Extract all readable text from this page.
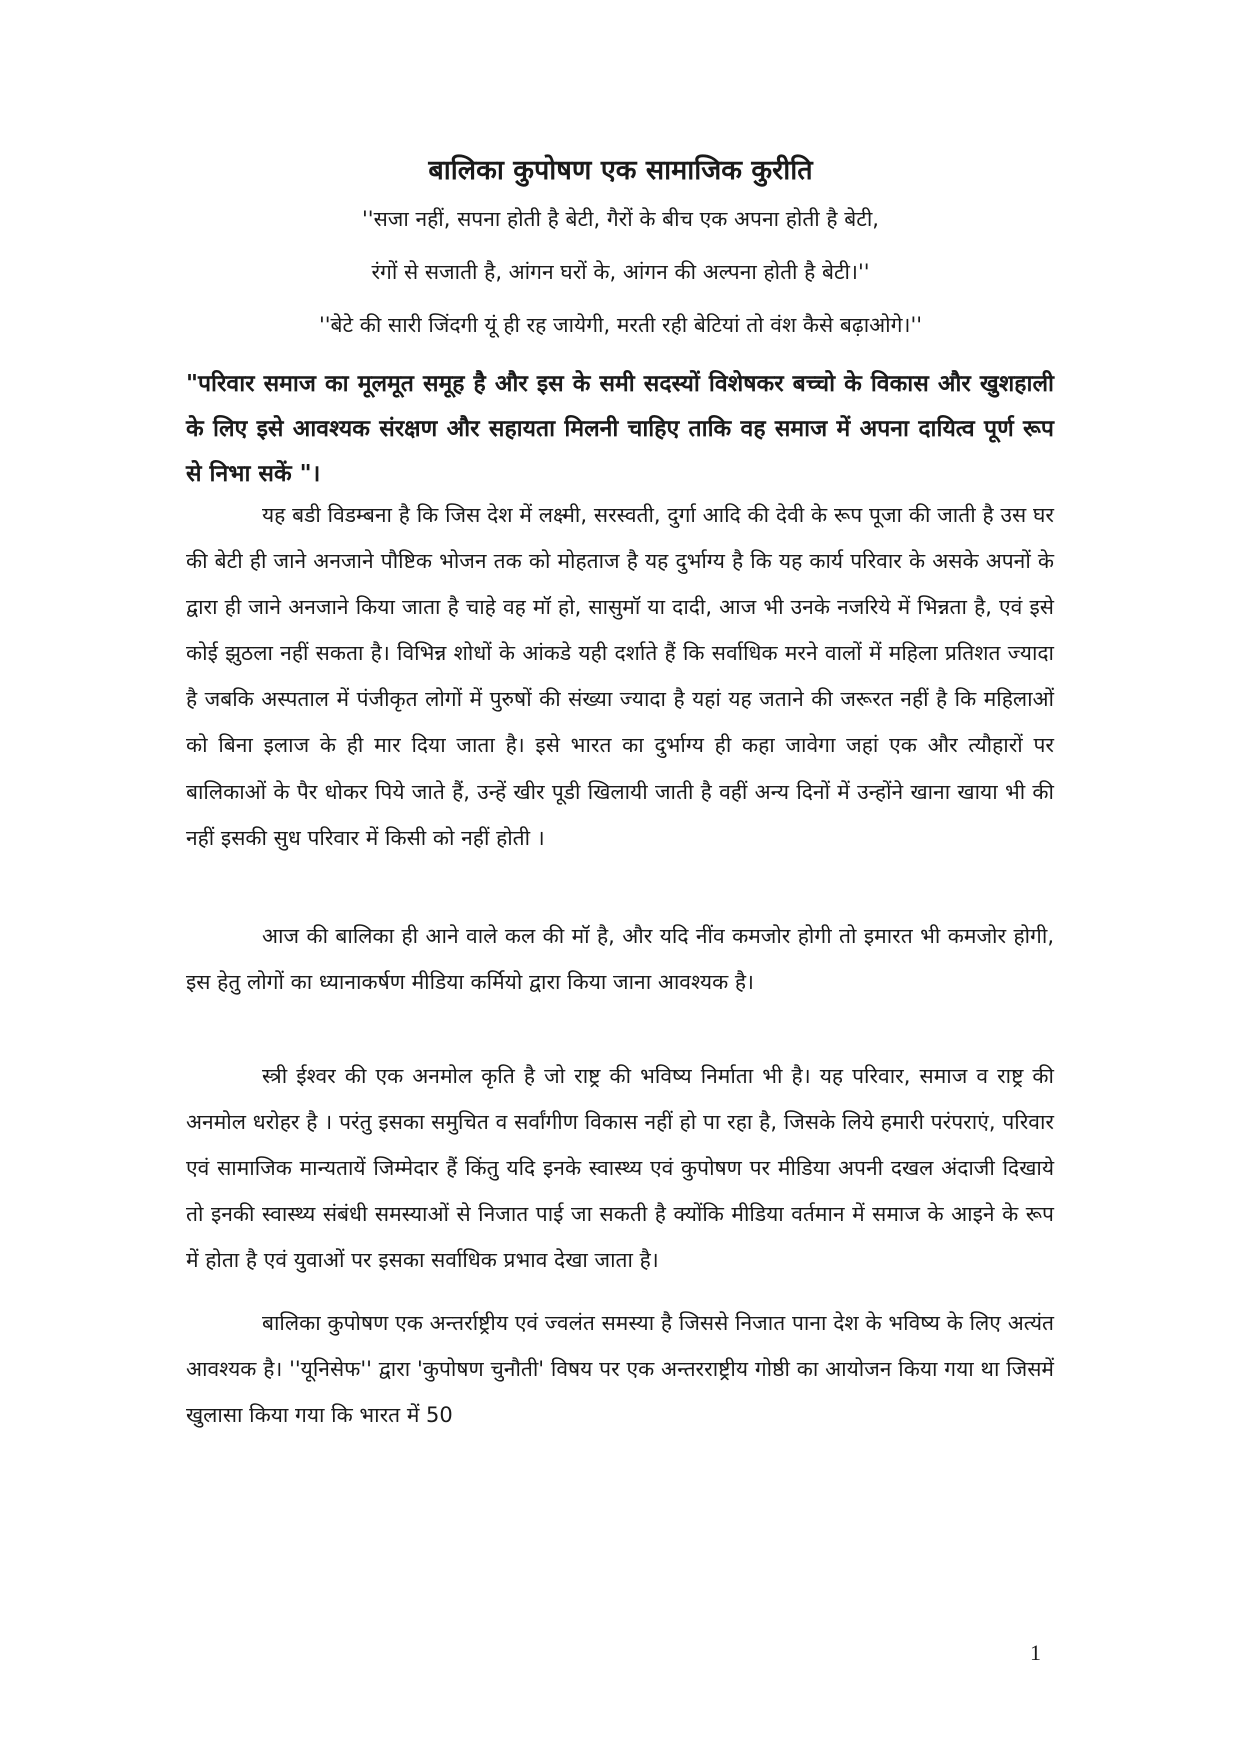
बालिका कुपोषण एक सामाजिक कुरीति
''सजा नहीं, सपना होती है बेटी, गैरों के बीच एक अपना होती है बेटी,
रंगों से सजाती है, आंगन घरों के, आंगन की अल्पना होती है बेटी।''
''बेटे की सारी जिंदगी यूं ही रह जायेगी, मरती रही बेटियां तो वंश कैसे बढ़ाओगे।''
"परिवार समाज का मूलमूत समूह है और इस के समी सदस्यों विशेषकर बच्चो के विकास और खुशहाली के लिए इसे आवश्यक संरक्षण और सहायता मिलनी चाहिए ताकि वह समाज में अपना दायित्व पूर्ण रूप से निभा सकें "।

यह बडी विडम्बना है कि जिस देश में लक्ष्मी, सरस्वती, दुर्गा आदि की देवी के रूप पूजा की जाती है उस घर की बेटी ही जाने अनजाने पौष्टिक भोजन तक को मोहताज है यह दुर्भाग्य है कि यह कार्य परिवार के असके अपनों के द्वारा ही जाने अनजाने किया जाता है चाहे वह मॉ हो, सासुमॉ या दादी, आज भी उनके नजरिये में भिन्नता है, एवं इसे कोई झुठला नहीं सकता है। विभिन्न शोधों के आंकडे यही दर्शाते हैं कि सर्वाधिक मरने वालों में महिला प्रतिशत ज्यादा है जबकि अस्पताल में पंजीकृत लोगों में पुरुषों की संख्या ज्यादा है यहां यह जताने की जरूरत नहीं है कि महिलाओं को बिना इलाज के ही मार दिया जाता है। इसे भारत का दुर्भाग्य ही कहा जावेगा जहां एक और त्यौहारों पर बालिकाओं के पैर धोकर पिये जाते हैं, उन्हें खीर पूडी खिलायी जाती है वहीं अन्य दिनों में उन्होंने खाना खाया भी की नहीं इसकी सुध परिवार में किसी को नहीं होती ।

आज की बालिका ही आने वाले कल की मॉ है, और यदि नींव कमजोर होगी तो इमारत भी कमजोर होगी, इस हेतु लोगों का ध्यानाकर्षण मीडिया कर्मियो द्वारा किया जाना आवश्यक है।

स्त्री ईश्वर की एक अनमोल कृति है जो राष्ट्र की भविष्य निर्माता भी है। यह परिवार, समाज व राष्ट्र की अनमोल धरोहर है । परंतु इसका समुचित व सर्वांगीण विकास नहीं हो पा रहा है, जिसके लिये हमारी परंपराएं, परिवार एवं सामाजिक मान्यतायें जिम्मेदार हैं किंतु यदि इनके स्वास्थ्य एवं कुपोषण पर मीडिया अपनी दखल अंदाजी दिखाये तो इनकी स्वास्थ्य संबंधी समस्याओं से निजात पाई जा सकती है क्योंकि मीडिया वर्तमान में समाज के आइने के रूप में होता है एवं युवाओं पर इसका सर्वाधिक प्रभाव देखा जाता है।

बालिका कुपोषण एक अन्तर्राष्ट्रीय एवं ज्वलंत समस्या है जिससे निजात पाना देश के भविष्य के लिए अत्यंत आवश्यक है। ''यूनिसेफ'' द्वारा 'कुपोषण चुनौती' विषय पर एक अन्तरराष्ट्रीय गोष्ठी का आयोजन किया गया था जिसमें खुलासा किया गया कि भारत में 50

1
